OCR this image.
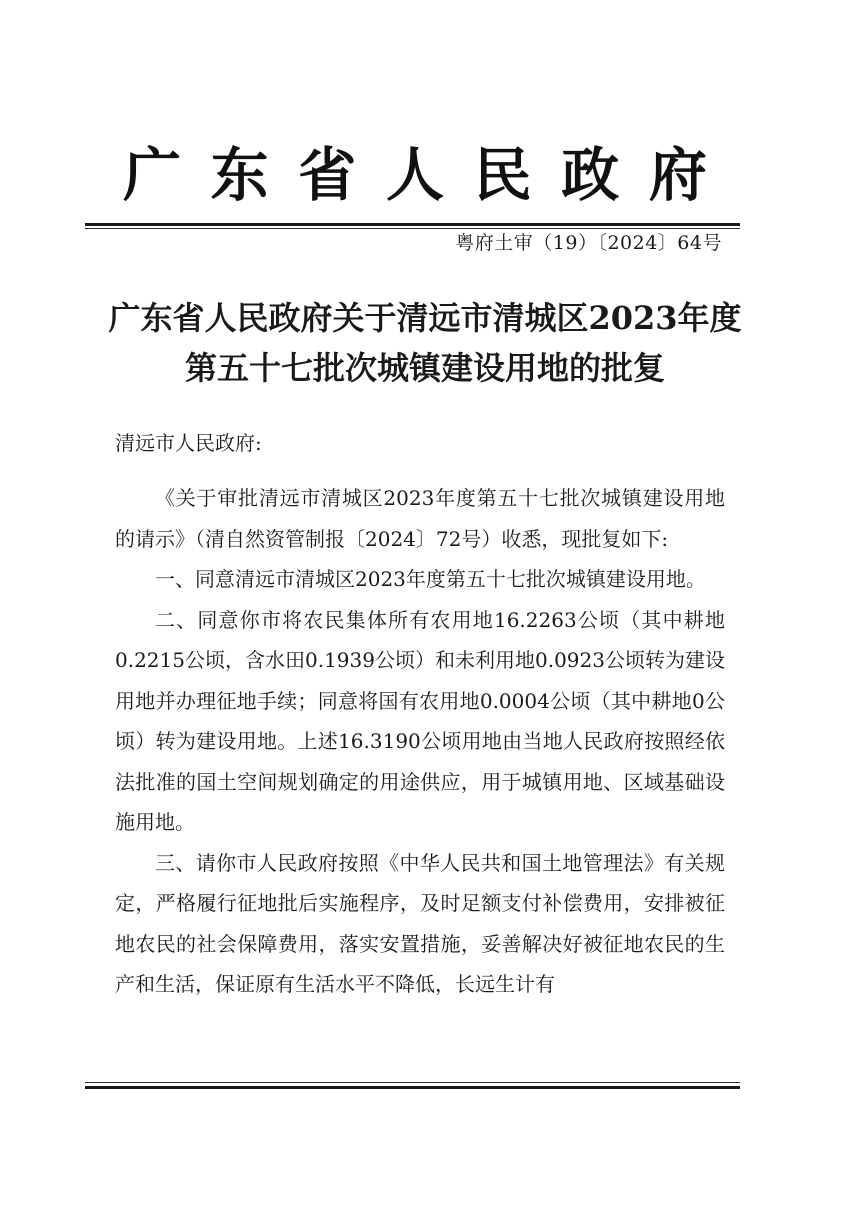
广 东 省 人 民 政 府
粤府土审（19）〔2024〕64号
广东省人民政府关于清远市清城区2023年度
第五十七批次城镇建设用地的批复
清远市人民政府:

《关于审批清远市清城区2023年度第五十七批次城镇建设用地的请示》（清自然资管制报〔2024〕72号）收悉，现批复如下:

一、同意清远市清城区2023年度第五十七批次城镇建设用地。

二、同意你市将农民集体所有农用地16.2263公顷（其中耕地0.2215公顷，含水田0.1939公顷）和未利用地0.0923公顷转为建设用地并办理征地手续；同意将国有农用地0.0004公顷（其中耕地0公顷）转为建设用地。上述16.3190公顷用地由当地人民政府按照经依法批准的国土空间规划确定的用途供应，用于城镇用地、区域基础设施用地。

三、请你市人民政府按照《中华人民共和国土地管理法》有关规定，严格履行征地批后实施程序，及时足额支付补偿费用，安排被征地农民的社会保障费用，落实安置措施，妥善解决好被征地农民的生产和生活，保证原有生活水平不降低，长远生计有
